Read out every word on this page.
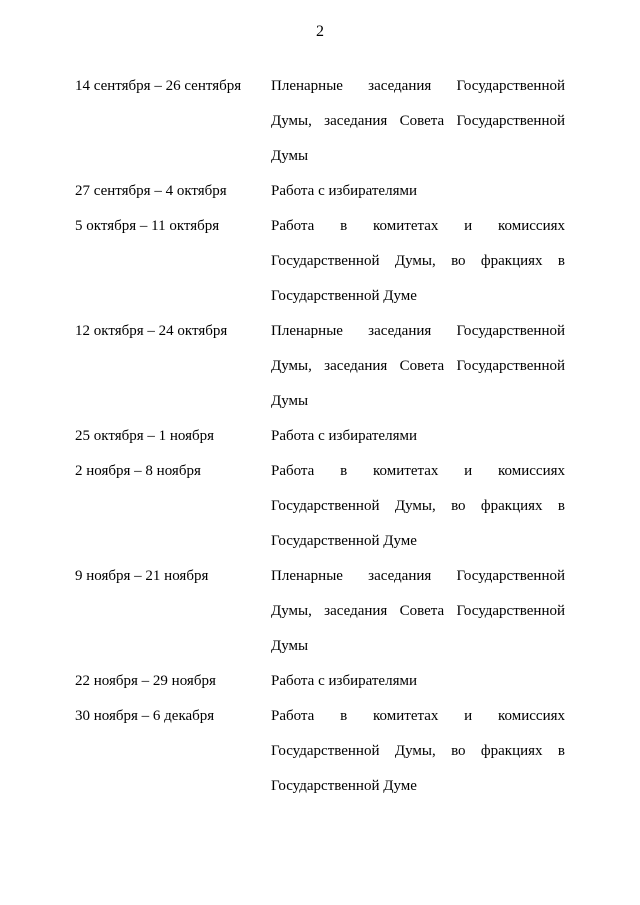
2
14 сентября – 26 сентября	Пленарные заседания Государственной
Думы, заседания Совета Государственной
Думы
27 сентября – 4 октября	Работа с избирателями
5 октября – 11 октября	Работа в комитетах и комиссиях
Государственной Думы, во фракциях в
Государственной Думе
12 октября – 24 октября	Пленарные заседания Государственной
Думы, заседания Совета Государственной
Думы
25 октября – 1 ноября	Работа с избирателями
2 ноября – 8 ноября	Работа в комитетах и комиссиях
Государственной Думы, во фракциях в
Государственной Думе
9 ноября – 21 ноября	Пленарные заседания Государственной
Думы, заседания Совета Государственной
Думы
22 ноября – 29 ноября	Работа с избирателями
30 ноября – 6 декабря	Работа в комитетах и комиссиях
Государственной Думы, во фракциях в
Государственной Думе
